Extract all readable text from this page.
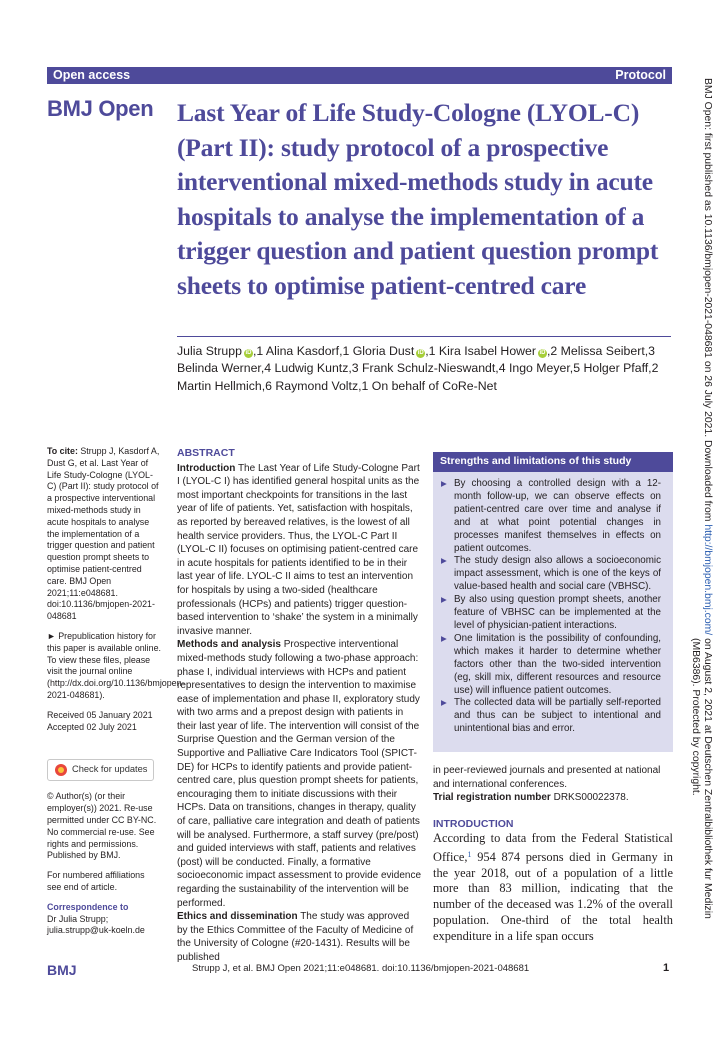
Open access	Protocol
BMJ Open Last Year of Life Study-Cologne (LYOL-C) (Part II): study protocol of a prospective interventional mixed-methods study in acute hospitals to analyse the implementation of a trigger question and patient question prompt sheets to optimise patient-centred care
Julia Strupp iD ,1 Alina Kasdorf,1 Gloria Dust iD ,1 Kira Isabel Hower iD ,2 Melissa Seibert,3 Belinda Werner,4 Ludwig Kuntz,3 Frank Schulz-Nieswandt,4 Ingo Meyer,5 Holger Pfaff,2 Martin Hellmich,6 Raymond Voltz,1 On behalf of CoRe-Net

To cite: Strupp J, Kasdorf A, Dust G, et al. Last Year of Life Study-Cologne (LYOL-C) (Part II): study protocol of a prospective interventional mixed-methods study in acute hospitals to analyse the implementation of a trigger question and patient question prompt sheets to optimise patient-centred care. BMJ Open 2021;11:e048681. doi:10.1136/bmjopen-2021-048681

► Prepublication history for this paper is available online. To view these files, please visit the journal online (http://dx.doi.org/10.1136/bmjopen-2021-048681).

Received 05 January 2021

Accepted 02 July 2021

Check for updates

© Author(s) (or their employer(s)) 2021. Re-use permitted under CC BY-NC. No commercial re-use. See rights and permissions. Published by BMJ.

For numbered affiliations see end of article.

Correspondence to

Dr Julia Strupp;

julia.strupp@uk-koeln.de

ABSTRACT

Introduction The Last Year of Life Study-Cologne Part I (LYOL-C I) has identified general hospital units as the most important checkpoints for transitions in the last year of life of patients. Yet, satisfaction with hospitals, as reported by bereaved relatives, is the lowest of all health service providers. Thus, the LYOL-C Part II (LYOL-C II) focuses on optimising patient-centred care in acute hospitals for patients identified to be in their last year of life. LYOL-C II aims to test an intervention for hospitals by using a two-sided (healthcare professionals (HCPs) and patients) trigger question-based intervention to ‘shake’ the system in a minimally invasive manner.

Methods and analysis Prospective interventional mixed-methods study following a two-phase approach: phase I, individual interviews with HCPs and patient representatives to design the intervention to maximise ease of implementation and phase II, exploratory study with two arms and a prepost design with patients in their last year of life. The intervention will consist of the Surprise Question and the German version of the Supportive and Palliative Care Indicators Tool (SPICT-DE) for HCPs to identify patients and provide patient-centred care, plus question prompt sheets for patients, encouraging them to initiate discussions with their HCPs. Data on transitions, changes in therapy, quality of care, palliative care integration and death of patients will be analysed. Furthermore, a staff survey (pre/post) and guided interviews with staff, patients and relatives (post) will be conducted. Finally, a formative socioeconomic impact assessment to provide evidence regarding the sustainability of the intervention will be performed.

Ethics and dissemination The study was approved by the Ethics Committee of the Faculty of Medicine of the University of Cologne (#20-1431). Results will be published

Strengths and limitations of this study
▶ By choosing a controlled design with a 12-month follow-up, we can observe effects on patient-centred care over time and analyse if and at what point potential changes in processes manifest themselves in effects on patient outcomes.
▶ The study design also allows a socioeconomic impact assessment, which is one of the keys of value-based health and social care (VBHSC).
▶ By also using question prompt sheets, another feature of VBHSC can be implemented at the level of physician-patient interactions.
▶ One limitation is the possibility of confounding, which makes it harder to determine whether factors other than the two-sided intervention (eg, skill mix, different resources and resource use) will influence patient outcomes.
▶ The collected data will be partially self-reported and thus can be subject to intentional and unintentional bias and error.

in peer-reviewed journals and presented at national and international conferences.

Trial registration number DRKS00022378.

INTRODUCTION

According to data from the Federal Statistical Office,$^1$ 954 874 persons died in Germany in the year 2018, out of a population of a little more than 83 million, indicating that the number of the deceased was 1.2% of the overall population. One-third of the total health expenditure in a life span occurs

BMJ	Strupp J, et al. BMJ Open 2021;11:e048681. doi:10.1136/bmjopen-2021-048681	1
BMJ Open: first published as 10.1136/bmjopen-2021-048681 on 26 July 2021. Downloaded from http://bmjopen.bmj.com/ on August 2, 2021 at Deutschen Zentralbibliothek fur Medizin
(MB6386). Protected by copyright.
